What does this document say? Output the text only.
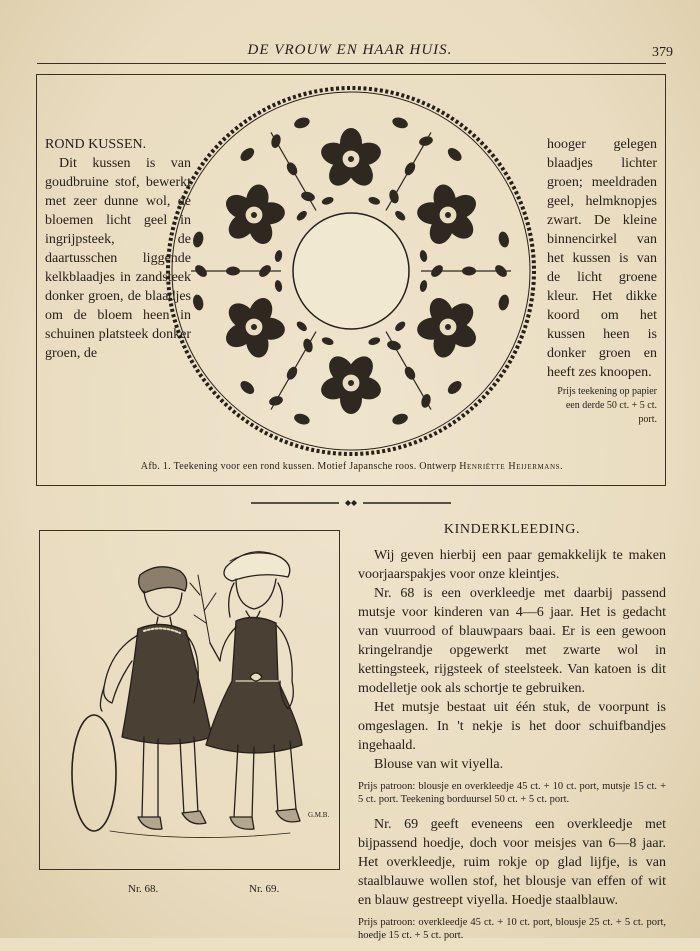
DE VROUW EN HAAR HUIS.	379
ROND KUSSEN.

Dit kussen is van goudbruine stof, bewerkt met zeer dunne wol, de bloemen licht geel in ingrijpsteek, de daartusschen liggende kelkblaadjes in zandsteek donker groen, de blaadjes om de bloem heen in schuinen platsteek donker groen, de

hooger gelegen blaadjes lichter groen; meeldraden geel, helmknopjes zwart. De kleine binnencirkel van het kussen is van de licht groene kleur. Het dikke koord om het kussen heen is donker groen en heeft zes knoopen.

Prijs teekening op papier een derde 50 ct. + 5 ct. port.

Afb. 1. Teekening voor een rond kussen. Motief Japansche roos. Ontwerp Henriëtte Heijermans.
G.M.B.
Nr. 68.	Nr. 69.
KINDERKLEEDING.

Wij geven hierbij een paar gemakkelijk te maken voorjaarspakjes voor onze kleintjes.

Nr. 68 is een overkleedje met daarbij passend mutsje voor kinderen van 4—6 jaar. Het is gedacht van vuurrood of blauwpaars baai. Er is een gewoon kringelrandje opgewerkt met zwarte wol in kettingsteek, rijgsteek of steelsteek. Van katoen is dit modelletje ook als schortje te gebruiken.

Het mutsje bestaat uit één stuk, de voorpunt is omgeslagen. In 't nekje is het door schuifbandjes ingehaald.

Blouse van wit viyella.

Prijs patroon: blousje en overkleedje 45 ct. + 10 ct. port, mutsje 15 ct. + 5 ct. port. Teekening borduursel 50 ct. + 5 ct. port.

Nr. 69 geeft eveneens een overkleedje met bijpassend hoedje, doch voor meisjes van 6—8 jaar. Het overkleedje, ruim rokje op glad lijfje, is van staalblauwe wollen stof, het blousje van effen of wit en blauw gestreept viyella. Hoedje staalblauw.

Prijs patroon: overkleedje 45 ct. + 10 ct. port, blousje 25 ct. + 5 ct. port, hoedje 15 ct. + 5 ct. port.
